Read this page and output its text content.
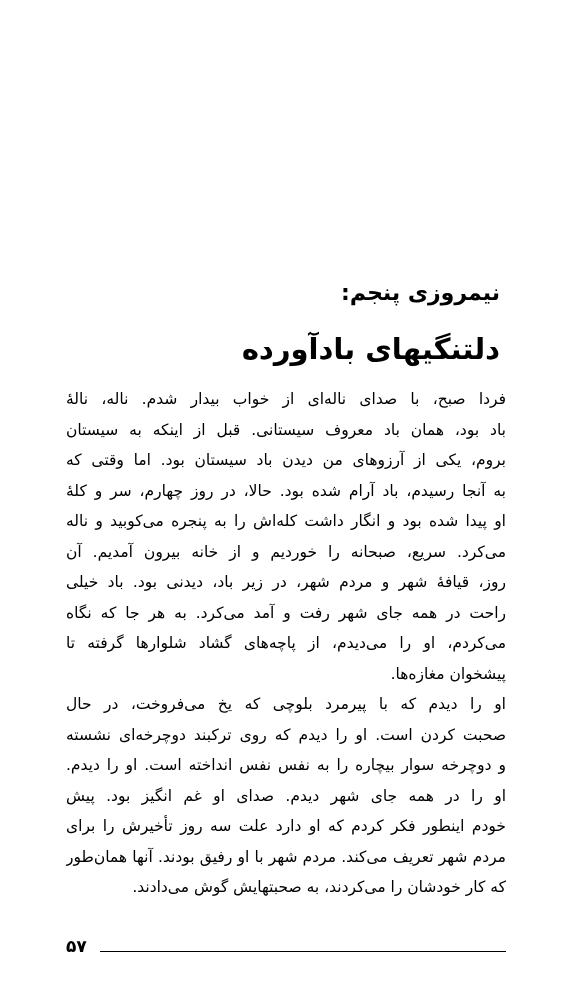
نیمروزی پنجم:
دلتنگیهای بادآورده
فردا صبح، با صدای ناله‌ای از خواب بیدار شدم. ناله، نالهٔ
باد بود، همان باد معروف سیستانی. قبل از اینکه به سیستان
بروم، یکی از آرزوهای من دیدن باد سیستان بود. اما وقتی که
به آنجا رسیدم، باد آرام شده بود. حالا، در روز چهارم، سر و کلهٔ
او پیدا شده بود و انگار داشت کله‌اش را به پنجره می‌کوبید و ناله
می‌کرد. سریع، صبحانه را خوردیم و از خانه بیرون آمدیم. آن
روز، قیافهٔ شهر و مردم شهر، در زیر باد، دیدنی بود. باد خیلی
راحت در همه جای شهر رفت و آمد می‌کرد. به هر جا که نگاه
می‌کردم، او را می‌دیدم، از پاچه‌های گشاد شلوارها گرفته تا
پیشخوان مغازه‌ها.
او را دیدم که با پیرمرد بلوچی که یخ می‌فروخت، در حال
صحبت کردن است. او را دیدم که روی ترکبند دوچرخه‌ای نشسته
و دوچرخه سوار بیچاره را به نفس نفس انداخته است. او را دیدم.
او را در همه جای شهر دیدم. صدای او غم انگیز بود. پیش
خودم اینطور فکر کردم که او دارد علت سه روز تأخیرش را برای
مردم شهر تعریف می‌کند. مردم شهر با او رفیق بودند. آنها همان‌طور
که کار خودشان را می‌کردند، به صحبتهایش گوش می‌دادند.
۵۷
